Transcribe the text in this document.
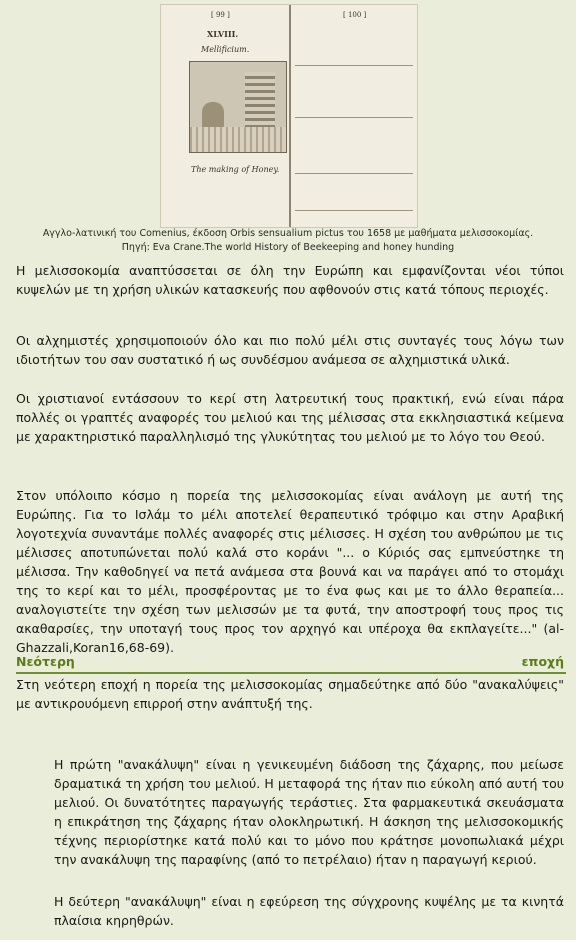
[ 99 ]
XLVIII.
Mellificium.
The making of Honey.
[ 100 ]
Αγγλο-λατινική του Comenius, έκδοση Orbis sensualium pictus του 1658 με μαθήματα μελισσοκομίας.
Πηγή: Eva Crane.The world History of Beekeeping and honey hunding

Η μελισσοκομία αναπτύσσεται σε όλη την Ευρώπη και εμφανίζονται νέοι τύποι κυψελών με τη χρήση υλικών κατασκευής που αφθονούν στις κατά τόπους περιοχές.

Οι αλχημιστές χρησιμοποιούν όλο και πιο πολύ μέλι στις συνταγές τους λόγω των ιδιοτήτων του σαν συστατικό ή ως συνδέσμου ανάμεσα σε αλχημιστικά υλικά.

Οι χριστιανοί εντάσσουν το κερί στη λατρευτική τους πρακτική, ενώ είναι πάρα πολλές οι γραπτές αναφορές του μελιού και της μέλισσας στα εκκλησιαστικά κείμενα με χαρακτηριστικό παραλληλισμό της γλυκύτητας του μελιού με το λόγο του Θεού.

Στον υπόλοιπο κόσμο η πορεία της μελισσοκομίας είναι ανάλογη με αυτή της Ευρώπης. Για το Ισλάμ το μέλι αποτελεί θεραπευτικό τρόφιμο και στην Αραβική λογοτεχνία συναντάμε πολλές αναφορές στις μέλισσες. Η σχέση του ανθρώπου με τις μέλισσες αποτυπώνεται πολύ καλά στο κοράνι "... ο Κύριός σας εμπνεύστηκε τη μέλισσα. Την καθοδηγεί να πετά ανάμεσα στα βουνά και να παράγει από το στομάχι της το κερί και το μέλι, προσφέροντας με το ένα φως και με το άλλο θεραπεία... αναλογιστείτε την σχέση των μελισσών με τα φυτά, την αποστροφή τους προς τις ακαθαρσίες, την υποταγή τους προς τον αρχηγό και υπέροχα θα εκπλαγείτε..." (al-Ghazzali,Koran16,68-69).

Νεότερη	εποχή

Στη νεότερη εποχή η πορεία της μελισσοκομίας σημαδεύτηκε από δύο "ανακαλύψεις" με αντικρουόμενη επιρροή στην ανάπτυξή της.

Η πρώτη "ανακάλυψη" είναι η γενικευμένη διάδοση της ζάχαρης, που μείωσε δραματικά τη χρήση του μελιού. Η μεταφορά της ήταν πιο εύκολη από αυτή του μελιού. Οι δυνατότητες παραγωγής τεράστιες. Στα φαρμακευτικά σκευάσματα η επικράτηση της ζάχαρης ήταν ολοκληρωτική. Η άσκηση της μελισσοκομικής τέχνης περιορίστηκε κατά πολύ και το μόνο που κράτησε μονοπωλιακά μέχρι την ανακάλυψη της παραφίνης (από το πετρέλαιο) ήταν η παραγωγή κεριού.

Η δεύτερη "ανακάλυψη" είναι η εφεύρεση της σύγχρονης κυψέλης με τα κινητά πλαίσια κηρηθρών.
